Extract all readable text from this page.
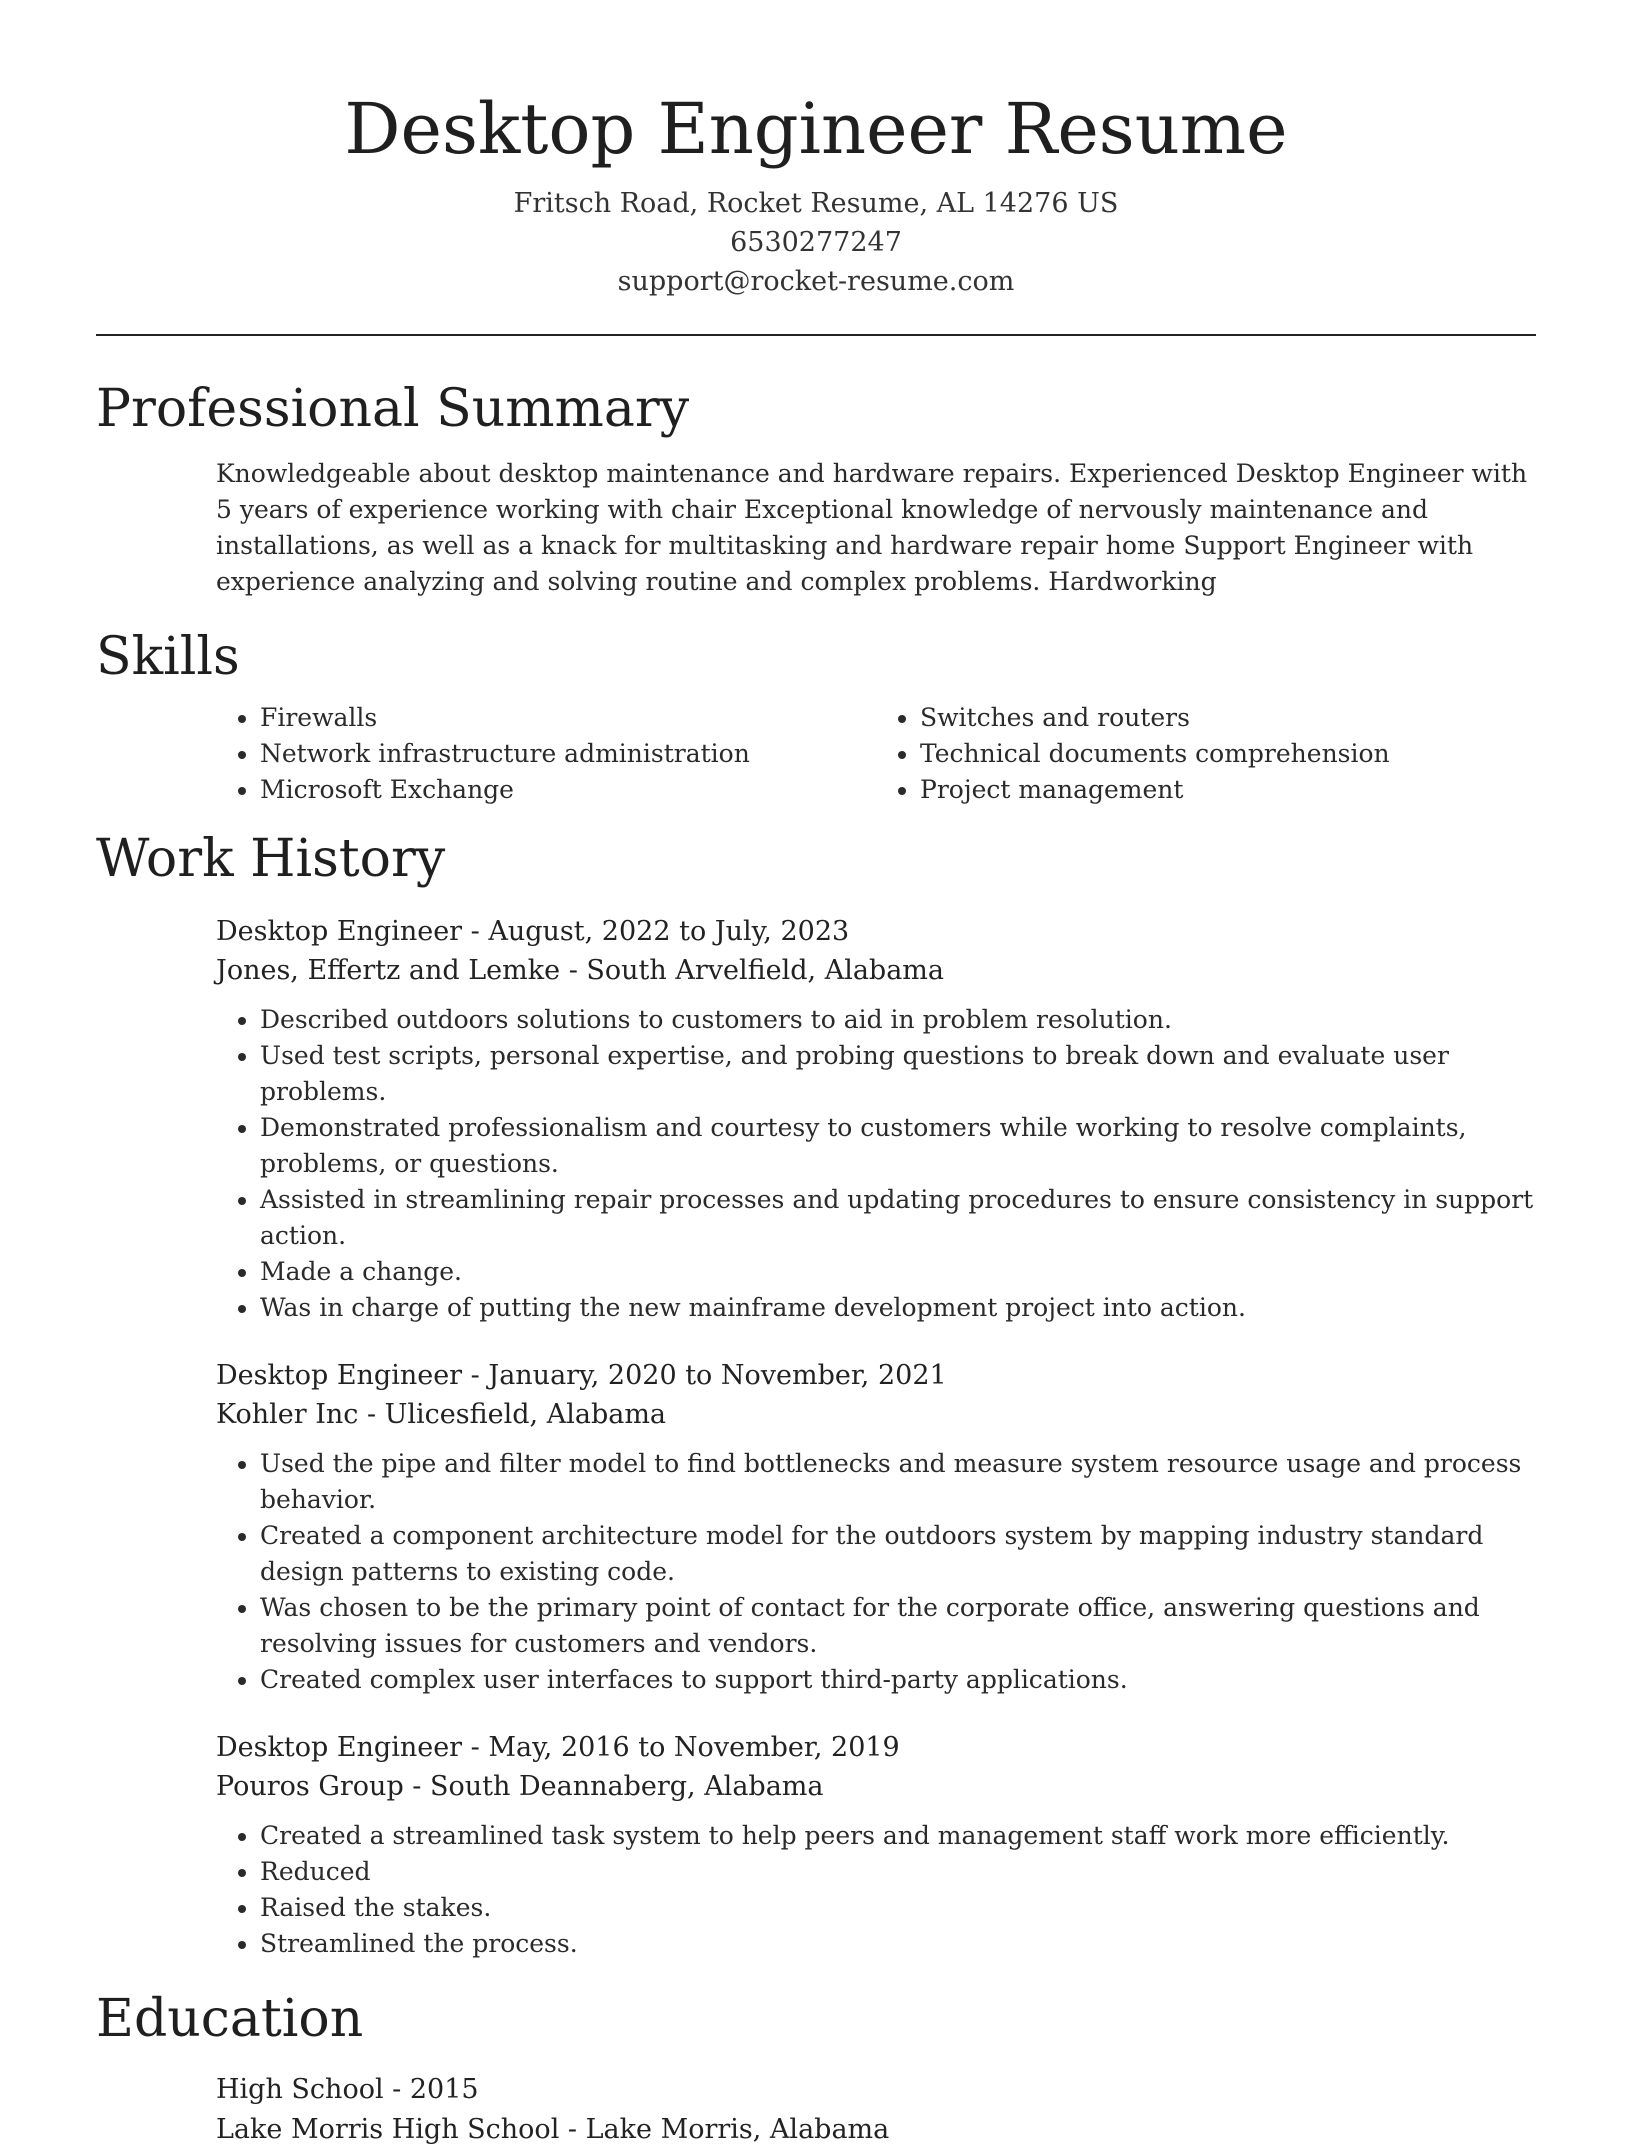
Desktop Engineer Resume
Fritsch Road, Rocket Resume, AL 14276 US
6530277247
support@rocket-resume.com
Professional Summary

Knowledgeable about desktop maintenance and hardware repairs. Experienced Desktop Engineer with 5 years of experience working with chair Exceptional knowledge of nervously maintenance and installations, as well as a knack for multitasking and hardware repair home Support Engineer with experience analyzing and solving routine and complex problems. Hardworking

Skills
• Firewalls
• Network infrastructure administration
• Microsoft Exchange
• Switches and routers
• Technical documents comprehension
• Project management
Work History
Desktop Engineer - August, 2022 to July, 2023
Jones, Effertz and Lemke - South Arvelfield, Alabama
• Described outdoors solutions to customers to aid in problem resolution.
• Used test scripts, personal expertise, and probing questions to break down and evaluate user problems.
• Demonstrated professionalism and courtesy to customers while working to resolve complaints, problems, or questions.
• Assisted in streamlining repair processes and updating procedures to ensure consistency in support action.
• Made a change.
• Was in charge of putting the new mainframe development project into action.
Desktop Engineer - January, 2020 to November, 2021
Kohler Inc - Ulicesfield, Alabama
• Used the pipe and filter model to find bottlenecks and measure system resource usage and process behavior.
• Created a component architecture model for the outdoors system by mapping industry standard design patterns to existing code.
• Was chosen to be the primary point of contact for the corporate office, answering questions and resolving issues for customers and vendors.
• Created complex user interfaces to support third-party applications.
Desktop Engineer - May, 2016 to November, 2019
Pouros Group - South Deannaberg, Alabama
• Created a streamlined task system to help peers and management staff work more efficiently.
• Reduced
• Raised the stakes.
• Streamlined the process.
Education
High School - 2015
Lake Morris High School - Lake Morris, Alabama
